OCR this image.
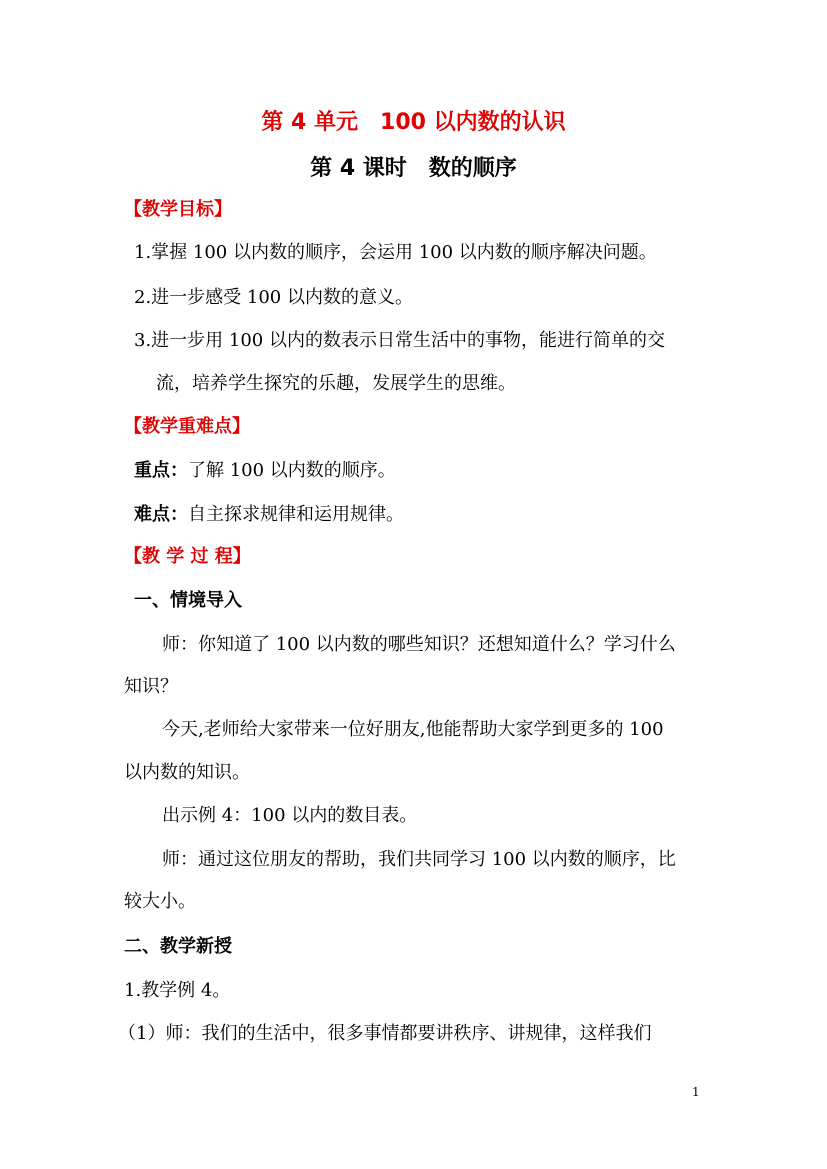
第 4 单元　100 以内数的认识
第 4 课时　数的顺序
【教学目标】
1.掌握 100 以内数的顺序，会运用 100 以内数的顺序解决问题。
2.进一步感受 100 以内数的意义。
3.进一步用 100 以内的数表示日常生活中的事物，能进行简单的交
流，培养学生探究的乐趣，发展学生的思维。
【教学重难点】
重点：了解 100 以内数的顺序。
难点：自主探求规律和运用规律。
【教 学 过 程】
一、情境导入
师：你知道了 100 以内数的哪些知识？还想知道什么？学习什么
知识？
今天,老师给大家带来一位好朋友,他能帮助大家学到更多的 100
以内数的知识。
出示例 4：100 以内的数目表。
师：通过这位朋友的帮助，我们共同学习 100 以内数的顺序，比
较大小。
二、教学新授
1.教学例 4。
（1）师：我们的生活中，很多事情都要讲秩序、讲规律，这样我们
1
